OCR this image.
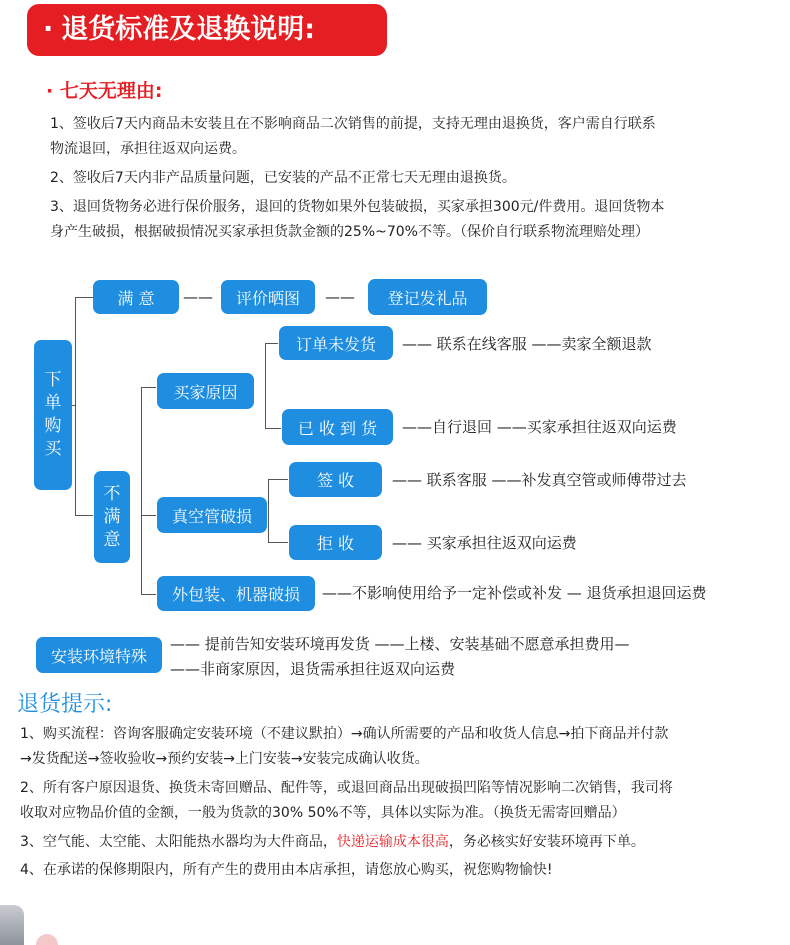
· 退货标准及退换说明:
· 七天无理由:

1、签收后7天内商品未安装且在不影响商品二次销售的前提，支持无理由退换货，客户需自行联系

物流退回，承担往返双向运费。

2、签收后7天内非产品质量问题，已安装的产品不正常七天无理由退换货。

3、退回货物务必进行保价服务，退回的货物如果外包装破损，买家承担300元/件费用。退回货物本

身产生破损，根据破损情况买家承担货款金额的25%~70%不等。（保价自行联系物流理赔处理）

下
单
购
买
满 意	——	评价晒图	——	登记发礼品
不
满
意
买家原因
订单未发货	—— 联系在线客服 ——卖家全额退款
已 收 到 货	——自行退回 ——买家承担往返双向运费
真空管破损
签 收	—— 联系客服 ——补发真空管或师傅带过去
拒 收	—— 买家承担往返双向运费
外包装、机器破损	——不影响使用给予一定补偿或补发 — 退货承担退回运费
安装环境特殊
—— 提前告知安装环境再发货 ——上楼、安装基础不愿意承担费用—
——非商家原因，退货需承担往返双向运费
退货提示:

1、购买流程：咨询客服确定安装环境（不建议默拍）→确认所需要的产品和收货人信息→拍下商品并付款

→发货配送→签收验收→预约安装→上门安装→安装完成确认收货。

2、所有客户原因退货、换货未寄回赠品、配件等，或退回商品出现破损凹陷等情况影响二次销售，我司将

收取对应物品价值的金额，一般为货款的30% 50%不等，具体以实际为准。（换货无需寄回赠品）

3、空气能、太空能、太阳能热水器均为大件商品，快递运输成本很高，务必核实好安装环境再下单。

4、在承诺的保修期限内，所有产生的费用由本店承担，请您放心购买，祝您购物愉快!
